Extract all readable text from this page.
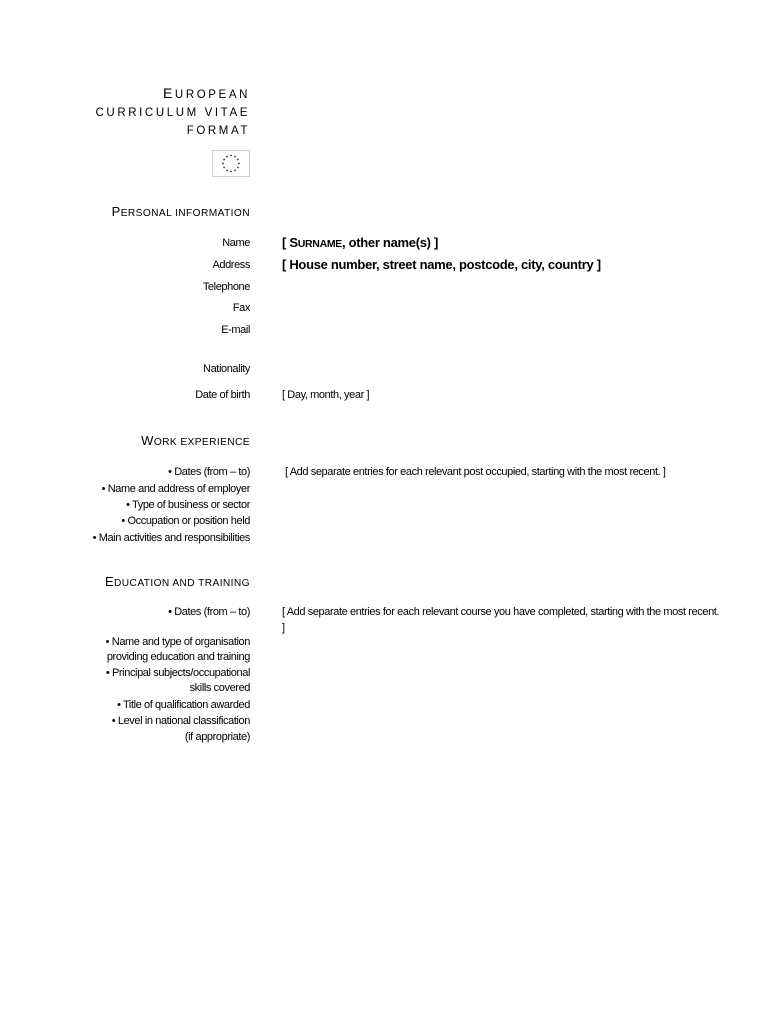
EUROPEAN
CURRICULUM VITAE
FORMAT
PERSONAL INFORMATION
Name [ SURNAME, other name(s) ]
Address [ House number, street name, postcode, city, country ]
Telephone
Fax
E-mail
Nationality
Date of birth	[ Day, month, year ]
WORK EXPERIENCE
• Dates (from – to)	[ Add separate entries for each relevant post occupied, starting with the most recent. ]
• Name and address of employer
• Type of business or sector
• Occupation or position held
• Main activities and responsibilities
EDUCATION AND TRAINING
• Dates (from – to)	[ Add separate entries for each relevant course you have completed, starting with the most recent. ]
• Name and type of organisation
providing education and training
• Principal subjects/occupational
skills covered
• Title of qualification awarded
• Level in national classification
(if appropriate)
